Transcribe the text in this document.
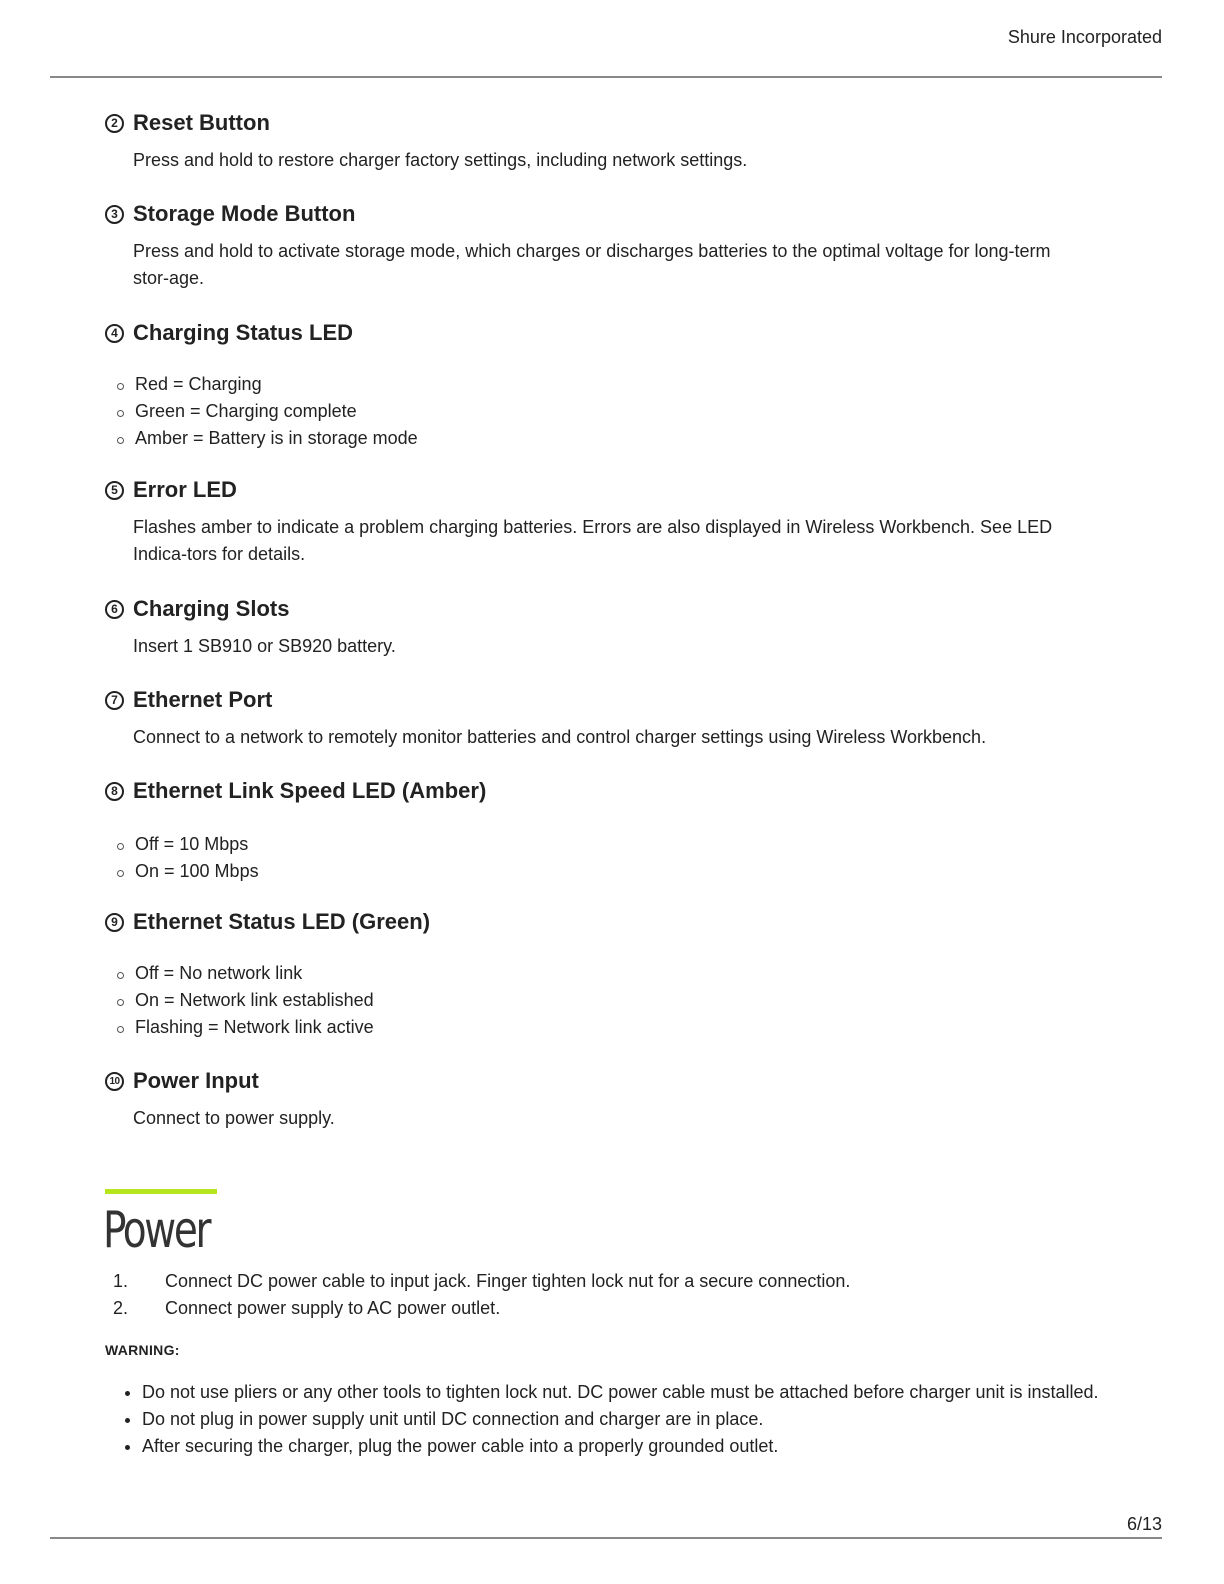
Shure Incorporated
2 Reset Button
Press and hold to restore charger factory settings, including network settings.
3 Storage Mode Button
Press and hold to activate storage mode, which charges or discharges batteries to the optimal voltage for long-term stor-age.
4 Charging Status LED
Red = Charging
Green = Charging complete
Amber = Battery is in storage mode
5 Error LED
Flashes amber to indicate a problem charging batteries. Errors are also displayed in Wireless Workbench. See LED Indica-tors for details.
6 Charging Slots
Insert 1 SB910 or SB920 battery.
7 Ethernet Port
Connect to a network to remotely monitor batteries and control charger settings using Wireless Workbench.
8 Ethernet Link Speed LED (Amber)
Off = 10 Mbps
On = 100 Mbps
9 Ethernet Status LED (Green)
Off = No network link
On = Network link established
Flashing = Network link active
10 Power Input
Connect to power supply.
Power
1. Connect DC power cable to input jack. Finger tighten lock nut for a secure connection.
2. Connect power supply to AC power outlet.
WARNING:
Do not use pliers or any other tools to tighten lock nut. DC power cable must be attached before charger unit is installed.
Do not plug in power supply unit until DC connection and charger are in place.
After securing the charger, plug the power cable into a properly grounded outlet.
6/13
